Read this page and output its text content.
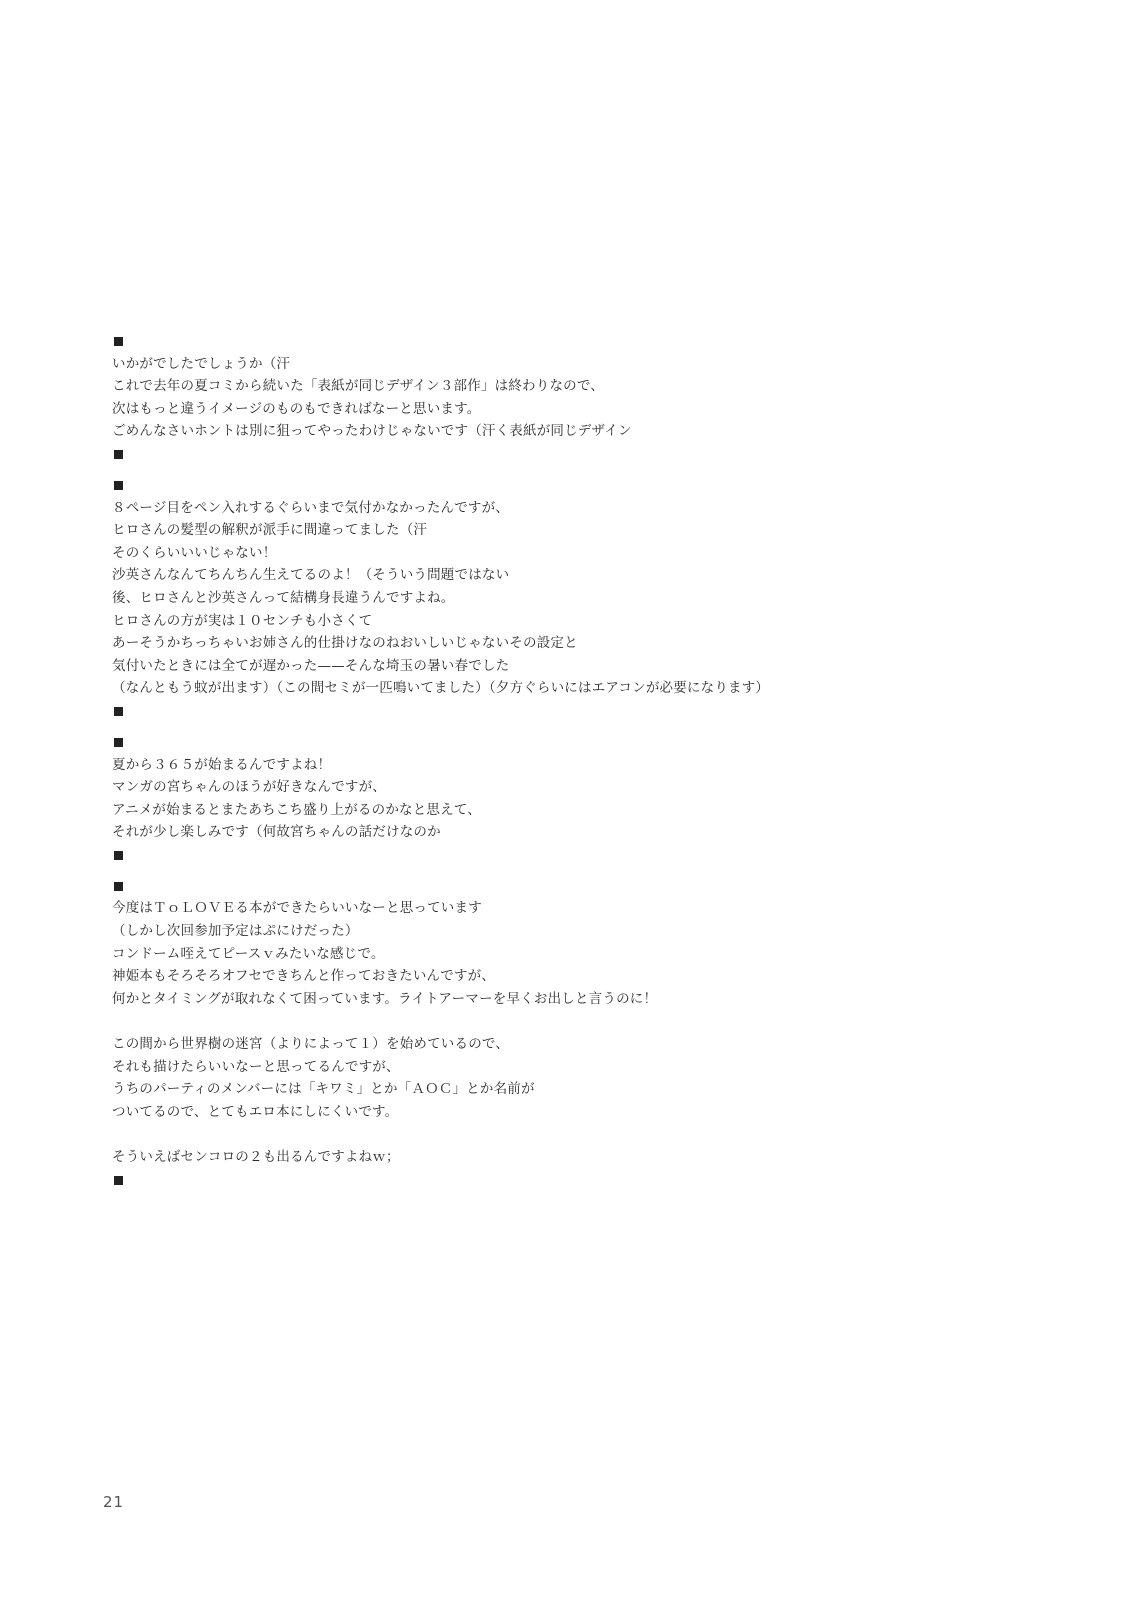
いかがでしたでしょうか（汗
これで去年の夏コミから続いた「表紙が同じデザイン３部作」は終わりなので、
次はもっと違うイメージのものもできればなーと思います。
ごめんなさいホントは別に狙ってやったわけじゃないです（汗く表紙が同じデザイン
８ページ目をペン入れするぐらいまで気付かなかったんですが、
ヒロさんの髪型の解釈が派手に間違ってました（汗
そのくらいいいじゃない！
沙英さんなんてちんちん生えてるのよ！（そういう問題ではない
後、ヒロさんと沙英さんって結構身長違うんですよね。
ヒロさんの方が実は１０センチも小さくて
あーそうかちっちゃいお姉さん的仕掛けなのねおいしいじゃないその設定と
気付いたときには全てが遅かった——そんな埼玉の暑い春でした
（なんともう蚊が出ます）（この間セミが一匹鳴いてました）（夕方ぐらいにはエアコンが必要になります）
夏から３６５が始まるんですよね！
マンガの宮ちゃんのほうが好きなんですが、
アニメが始まるとまたあちこち盛り上がるのかなと思えて、
それが少し楽しみです（何故宮ちゃんの話だけなのか
今度はＴｏＬＯＶＥる本ができたらいいなーと思っています
（しかし次回参加予定はぷにけだった）
コンドーム咥えてピースｖみたいな感じで。
神姫本もそろそろオフセできちんと作っておきたいんですが、
何かとタイミングが取れなくて困っています。ライトアーマーを早くお出しと言うのに！
この間から世界樹の迷宮（よりによって１）を始めているので、
それも描けたらいいなーと思ってるんですが、
うちのパーティのメンバーには「キワミ」とか「ＡＯＣ」とか名前が
ついてるので、とてもエロ本にしにくいです。
そういえばセンコロの２も出るんですよねｗ；
21
